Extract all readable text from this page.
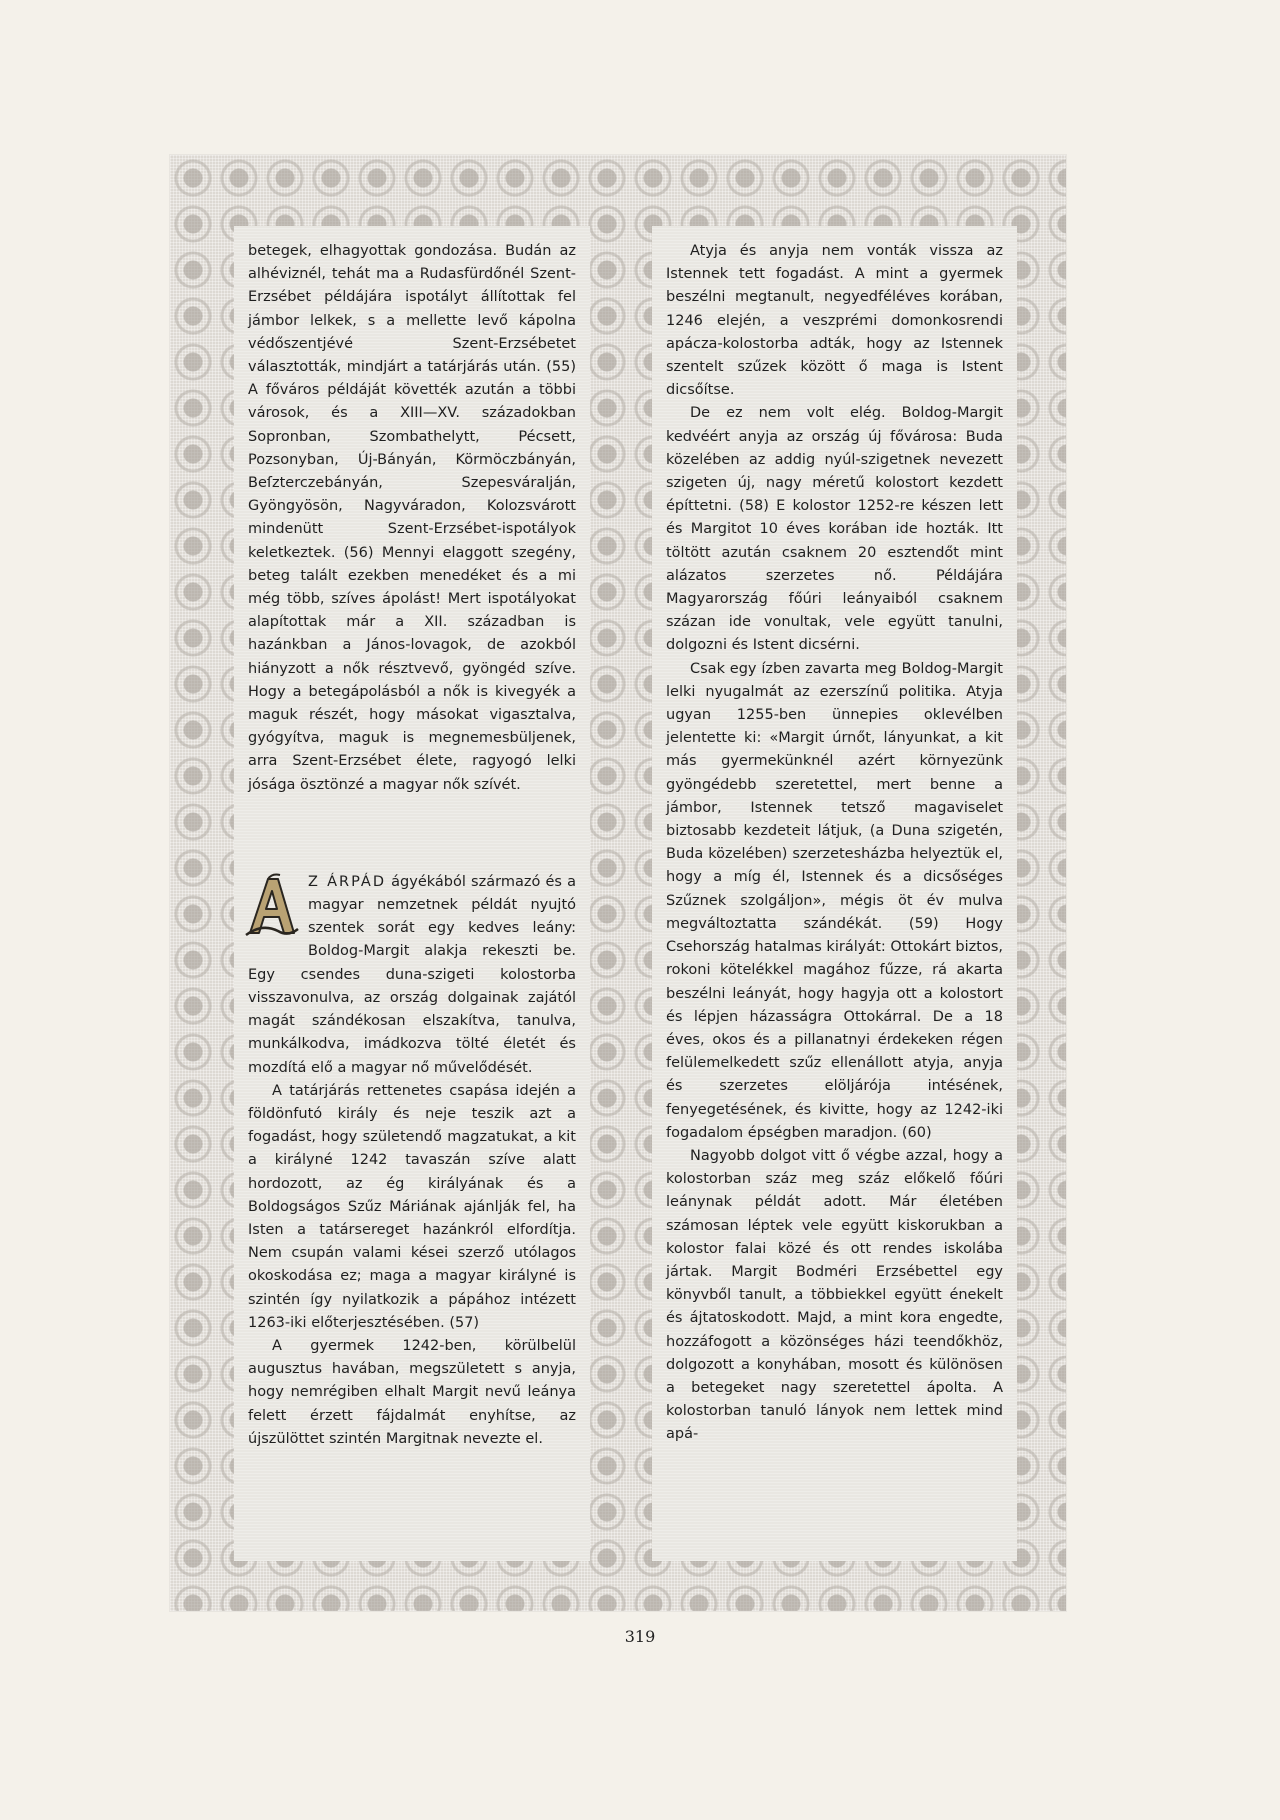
betegek, elhagyottak gondozása. Budán az alhéviznél, tehát ma a Rudasfürdőnél Szent-Erzsébet példájára ispotályt állítottak fel jámbor lelkek, s a mellette levő kápolna védőszentjévé Szent-Erzsébetet választották, mindjárt a tatárjárás után. (55) A főváros példáját követték azután a többi városok, és a XIII—XV. századokban Sopronban, Szombathelytt, Pécsett, Pozsonyban, Új-Bányán, Körmöczbányán, Beſzterczebányán, Szepesváralján, Gyöngyösön, Nagyváradon, Kolozsvárott mindenütt Szent-Erzsébet-ispotályok keletkeztek. (56) Mennyi elaggott szegény, beteg talált ezekben menedéket és a mi még több, szíves ápolást! Mert ispotályokat alapítottak már a XII. században is hazánkban a János-lovagok, de azokból hiányzott a nők résztvevő, gyöngéd szíve. Hogy a betegápolásból a nők is kivegyék a maguk részét, hogy másokat vigasztalva, gyógyítva, maguk is megnemesbüljenek, arra Szent-Erzsébet élete, ragyogó lelki jósága ösztönzé a magyar nők szívét.

A
Z ÁRPÁD ágyékából származó és a magyar nemzetnek példát nyujtó szentek sorát egy kedves leány: Boldog-Margit alakja rekeszti be. Egy csendes duna-szigeti kolostorba visszavonulva, az ország dolgainak zajától magát szándékosan elszakítva, tanulva, munkálkodva, imádkozva tölté életét és mozdítá elő a magyar nő művelődését.

A tatárjárás rettenetes csapása idején a földönfutó király és neje teszik azt a fogadást, hogy születendő magzatukat, a kit a királyné 1242 tavaszán szíve alatt hordozott, az ég királyának és a Boldogságos Szűz Máriának ajánlják fel, ha Isten a tatársereget hazánkról elfordítja. Nem csupán valami kései szerző utólagos okoskodása ez; maga a magyar királyné is szintén így nyilatkozik a pápához intézett 1263-iki előterjesztésében. (57)

A gyermek 1242-ben, körülbelül augusztus havában, megszületett s anyja, hogy nemrégiben elhalt Margit nevű leánya felett érzett fájdalmát enyhítse, az újszülöttet szintén Margitnak nevezte el.

Atyja és anyja nem vonták vissza az Istennek tett fogadást. A mint a gyermek beszélni megtanult, negyedféléves korában, 1246 elején, a veszprémi domonkosrendi apácza-kolostorba adták, hogy az Istennek szentelt szűzek között ő maga is Istent dicsőítse.

De ez nem volt elég. Boldog-Margit kedvéért anyja az ország új fővárosa: Buda közelében az addig nyúl-szigetnek nevezett szigeten új, nagy méretű kolostort kezdett építtetni. (58) E kolostor 1252-re készen lett és Margitot 10 éves korában ide hozták. Itt töltött azután csaknem 20 esztendőt mint alázatos szerzetes nő. Példájára Magyarország főúri leányaiból csaknem százan ide vonultak, vele együtt tanulni, dolgozni és Istent dicsérni.

Csak egy ízben zavarta meg Boldog-Margit lelki nyugalmát az ezerszínű politika. Atyja ugyan 1255-ben ünnepies oklevélben jelentette ki: «Margit úrnőt, lányunkat, a kit más gyermekünknél azért környezünk gyöngédebb szeretettel, mert benne a jámbor, Istennek tetsző magaviselet biztosabb kezdeteit látjuk, (a Duna szigetén, Buda közelében) szerzetesházba helyeztük el, hogy a míg él, Istennek és a dicsőséges Szűznek szolgáljon», mégis öt év mulva megváltoztatta szándékát. (59) Hogy Csehország hatalmas királyát: Ottokárt biztos, rokoni kötelékkel magához fűzze, rá akarta beszélni leányát, hogy hagyja ott a kolostort és lépjen házasságra Ottokárral. De a 18 éves, okos és a pillanatnyi érdekeken régen felülemelkedett szűz ellenállott atyja, anyja és szerzetes elöljárója intésének, fenyegetésének, és kivitte, hogy az 1242-iki fogadalom épségben maradjon. (60)

Nagyobb dolgot vitt ő végbe azzal, hogy a kolostorban száz meg száz előkelő főúri leánynak példát adott. Már életében számosan léptek vele együtt kiskorukban a kolostor falai közé és ott rendes iskolába jártak. Margit Bodméri Erzsébettel egy könyvből tanult, a többiekkel együtt énekelt és ájtatoskodott. Majd, a mint kora engedte, hozzáfogott a közönséges házi teendőkhöz, dolgozott a konyhában, mosott és különösen a betegeket nagy szeretettel ápolta. A kolostorban tanuló lányok nem lettek mind apá-

319
